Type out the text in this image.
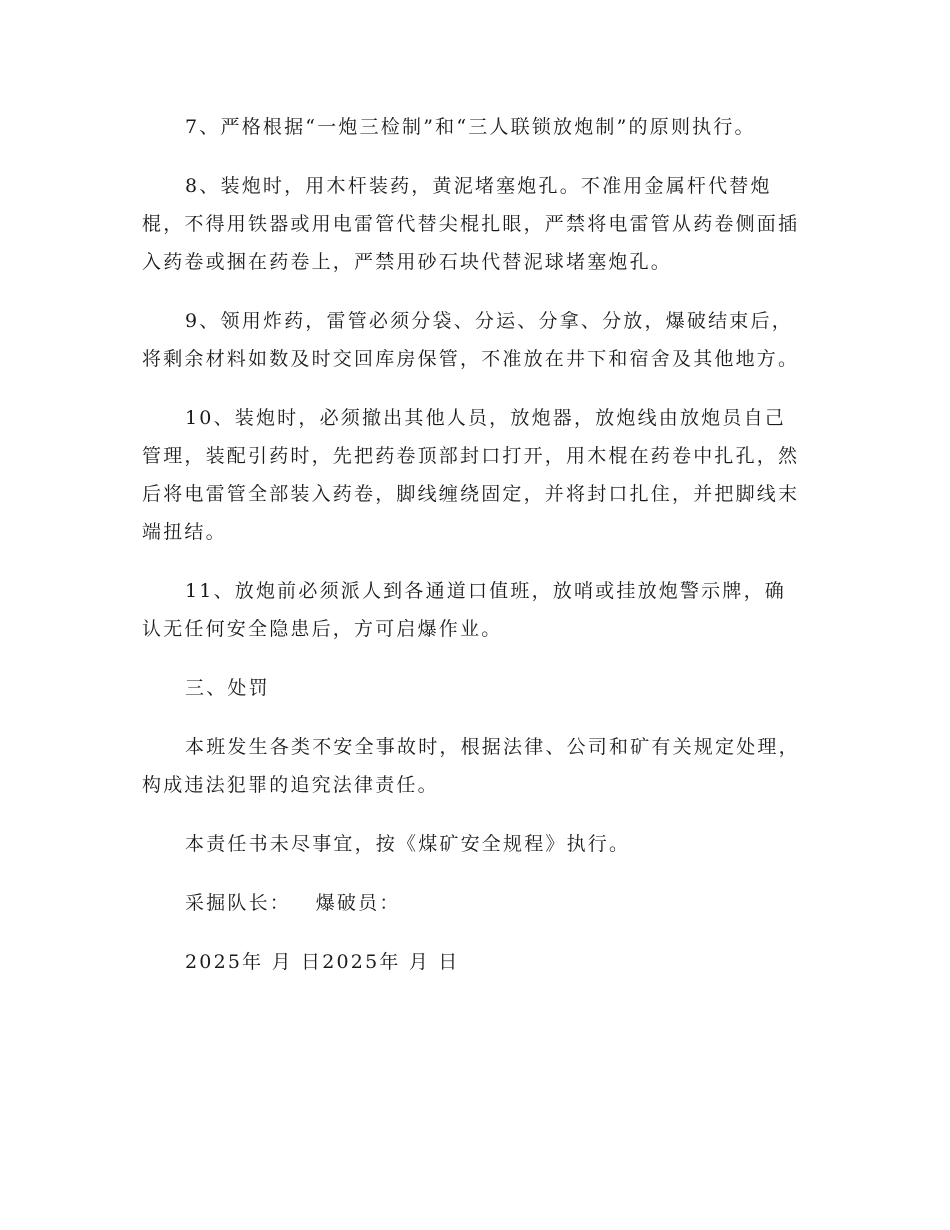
7、严格根据“一炮三检制”和“三人联锁放炮制”的原则执行。

8、装炮时，用木杆装药，黄泥堵塞炮孔。不准用金属杆代替炮棍，不得用铁器或用电雷管代替尖棍扎眼，严禁将电雷管从药卷侧面插入药卷或捆在药卷上，严禁用砂石块代替泥球堵塞炮孔。

9、领用炸药，雷管必须分袋、分运、分拿、分放，爆破结束后，将剩余材料如数及时交回库房保管，不准放在井下和宿舍及其他地方。

10、装炮时，必须撤出其他人员，放炮器，放炮线由放炮员自己管理，装配引药时，先把药卷顶部封口打开，用木棍在药卷中扎孔，然后将电雷管全部装入药卷，脚线缠绕固定，并将封口扎住，并把脚线末端扭结。

11、放炮前必须派人到各通道口值班，放哨或挂放炮警示牌，确认无任何安全隐患后，方可启爆作业。

三、处罚

本班发生各类不安全事故时，根据法律、公司和矿有关规定处理，构成违法犯罪的追究法律责任。

本责任书未尽事宜，按《煤矿安全规程》执行。

采掘队长：   爆破员：

2025年 月 日2025年 月 日
